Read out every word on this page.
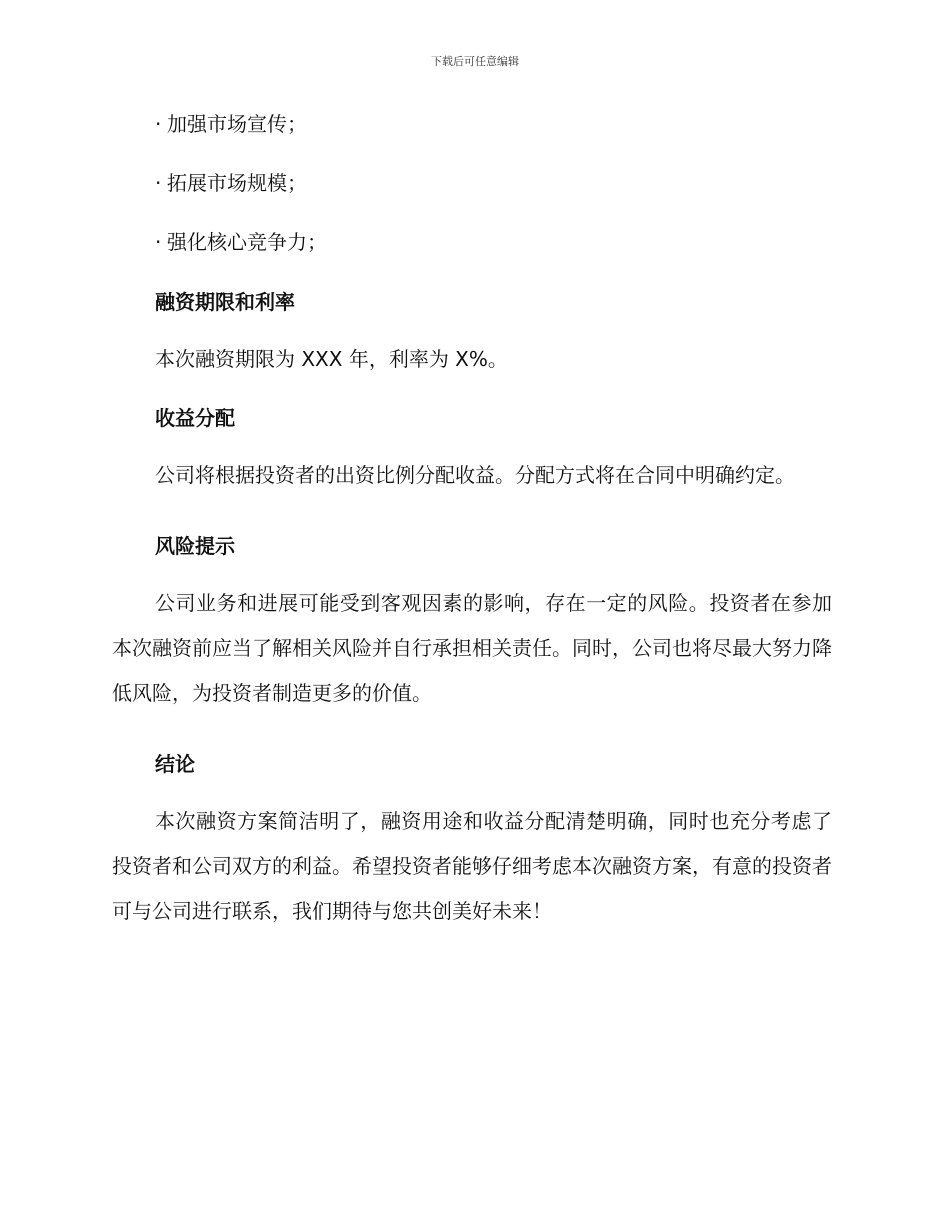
下载后可任意编辑
· 加强市场宣传；
· 拓展市场规模；
· 强化核心竞争力；
融资期限和利率
本次融资期限为 XXX 年，利率为 X%。
收益分配
公司将根据投资者的出资比例分配收益。分配方式将在合同中明确约定。
风险提示
公司业务和进展可能受到客观因素的影响，存在一定的风险。投资者在参加本次融资前应当了解相关风险并自行承担相关责任。同时，公司也将尽最大努力降低风险，为投资者制造更多的价值。
结论
本次融资方案简洁明了，融资用途和收益分配清楚明确，同时也充分考虑了投资者和公司双方的利益。希望投资者能够仔细考虑本次融资方案，有意的投资者可与公司进行联系，我们期待与您共创美好未来！
